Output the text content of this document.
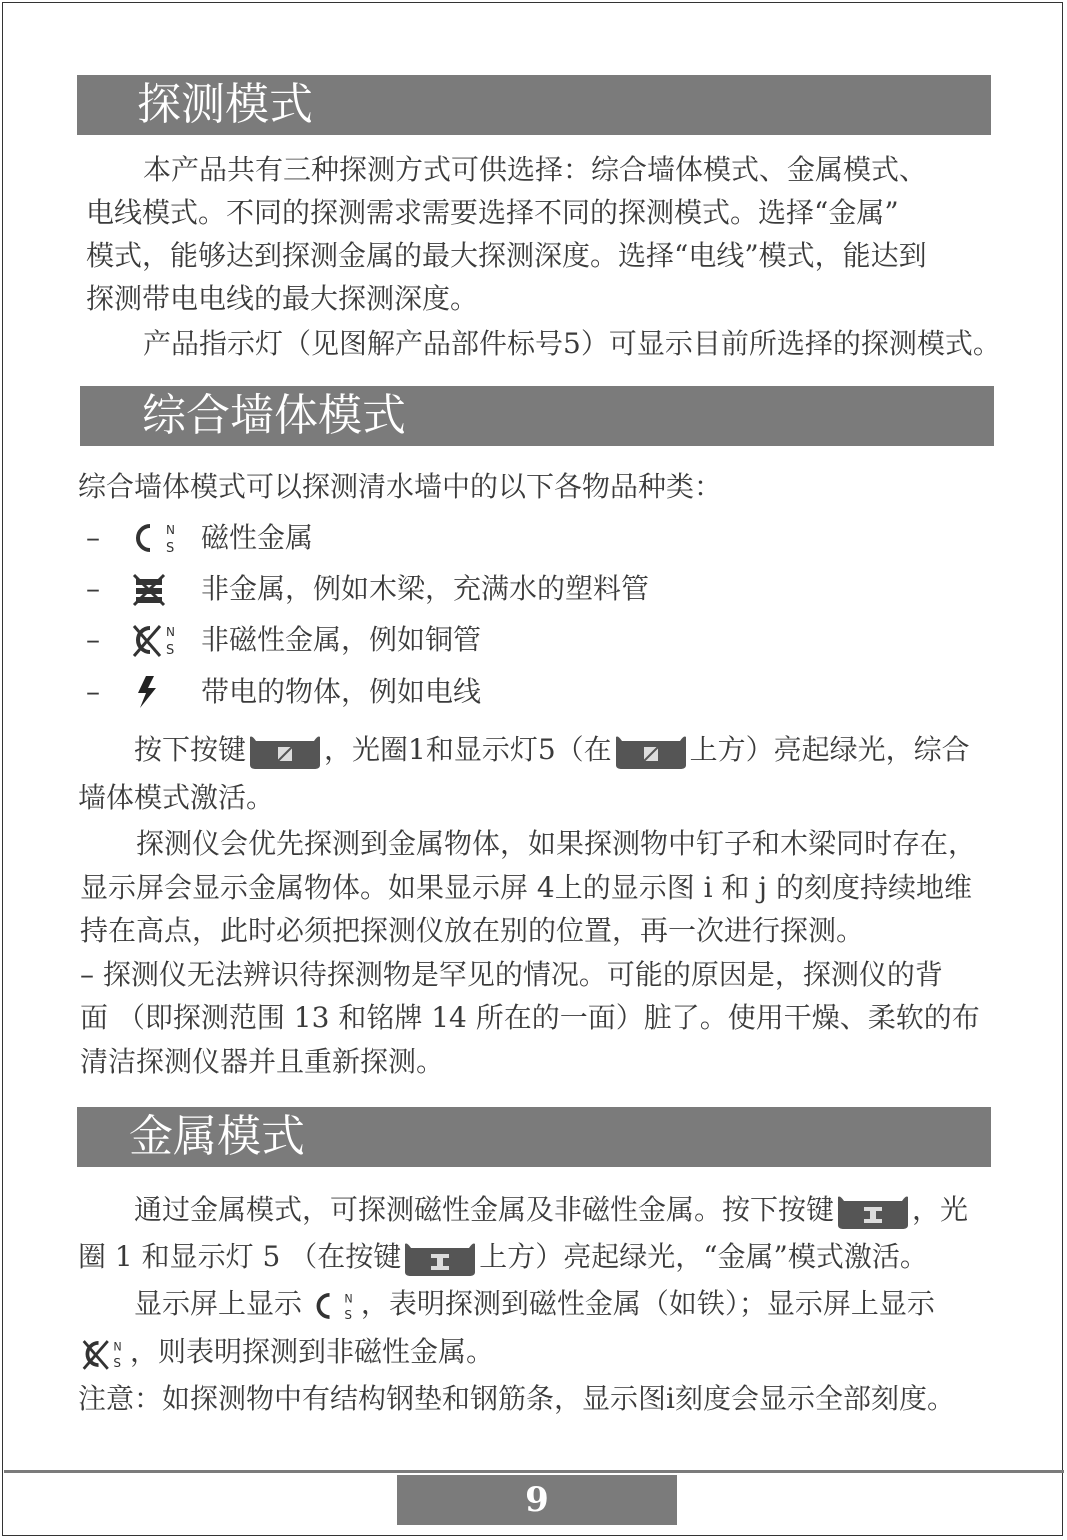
探测模式
本产品共有三种探测方式可供选择：综合墙体模式、金属模式、
电线模式。不同的探测需求需要选择不同的探测模式。选择“金属”
模式，能够达到探测金属的最大探测深度。选择“电线”模式，能达到
探测带电电线的最大探测深度。
产品指示灯（见图解产品部件标号5）可显示目前所选择的探测模式。
综合墙体模式
综合墙体模式可以探测清水墙中的以下各物品种类：
–	磁性金属
–	非金属，例如木梁，充满水的塑料管
–	非磁性金属，例如铜管
–	带电的物体，例如电线
按下按键	，光圈1和显示灯5（在	上方）亮起绿光，综合
墙体模式激活。
探测仪会优先探测到金属物体，如果探测物中钉子和木梁同时存在，
显示屏会显示金属物体。如果显示屏 4上的显示图 i 和 j 的刻度持续地维
持在高点，此时必须把探测仪放在别的位置，再一次进行探测。
– 探测仪无法辨识待探测物是罕见的情况。可能的原因是，探测仪的背
面 （即探测范围 13 和铭牌 14 所在的一面）脏了。使用干燥、柔软的布
清洁探测仪器并且重新探测。
金属模式
通过金属模式，可探测磁性金属及非磁性金属。按下按键	，光
圈 1 和显示灯 5 （在按键	上方）亮起绿光，“金属”模式激活。
显示屏上显示 ，表明探测到磁性金属（如铁）；显示屏上显示
，则表明探测到非磁性金属。
注意：如探测物中有结构钢垫和钢筋条，显示图i刻度会显示全部刻度。
9
